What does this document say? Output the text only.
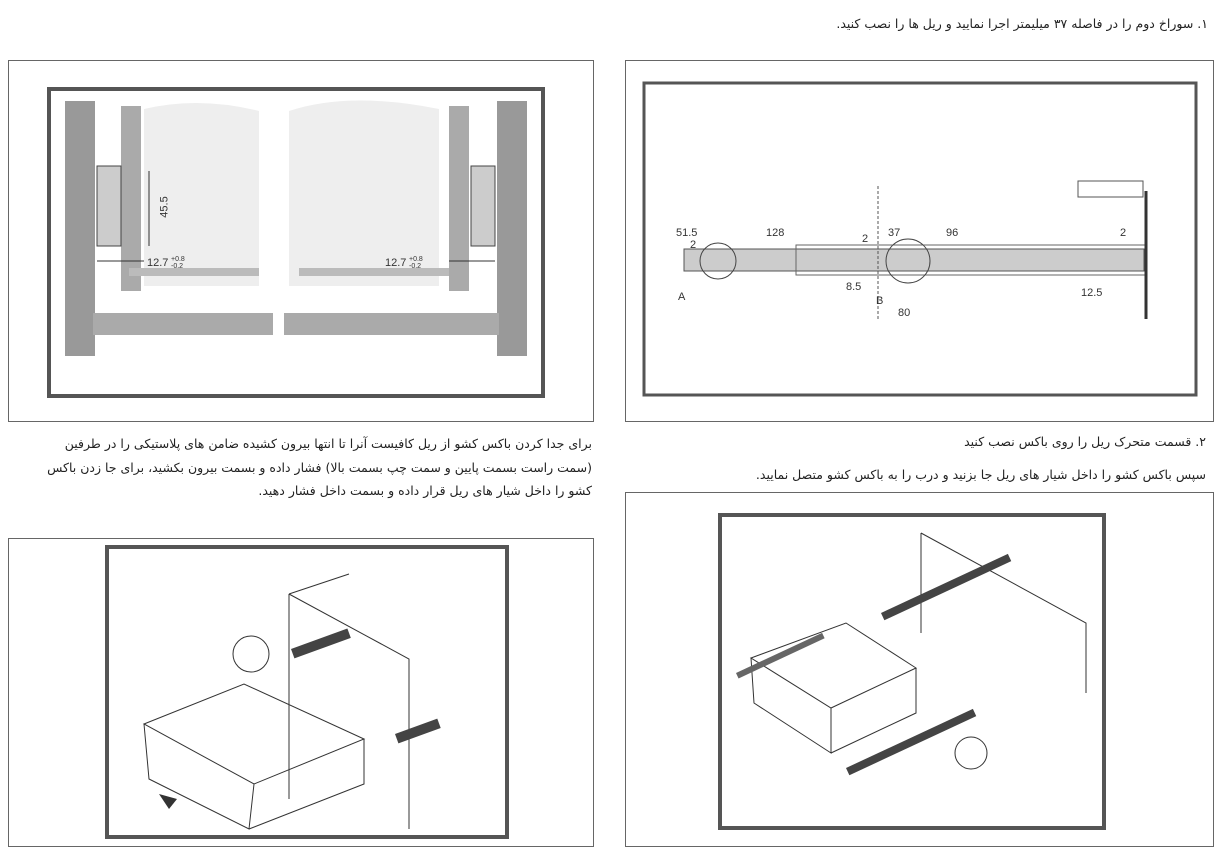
۱. سوراخ دوم را در فاصله ۳۷ میلیمتر اجرا نمایید و ریل ها را نصب کنید.
45.5
12.7 +0.8
-0.2	12.7 +0.8
-0.2
51.5
2
128	2 37	96	2
A
8.5
B
80
12.5
برای جدا کردن باکس کشو از ریل کافیست آنرا تا انتها بیرون کشیده ضامن های پلاستیکی را در طرفین
(سمت راست بسمت پایین و سمت چپ بسمت بالا) فشار داده و بسمت بیرون بکشید، برای جا زدن باکس
کشو را داخل شیار های ریل قرار داده و بسمت داخل فشار دهید.
۲. قسمت متحرک ریل را روی باکس نصب کنید
سپس باکس کشو را داخل شیار های ریل جا بزنید و درب را به باکس کشو متصل نمایید.
